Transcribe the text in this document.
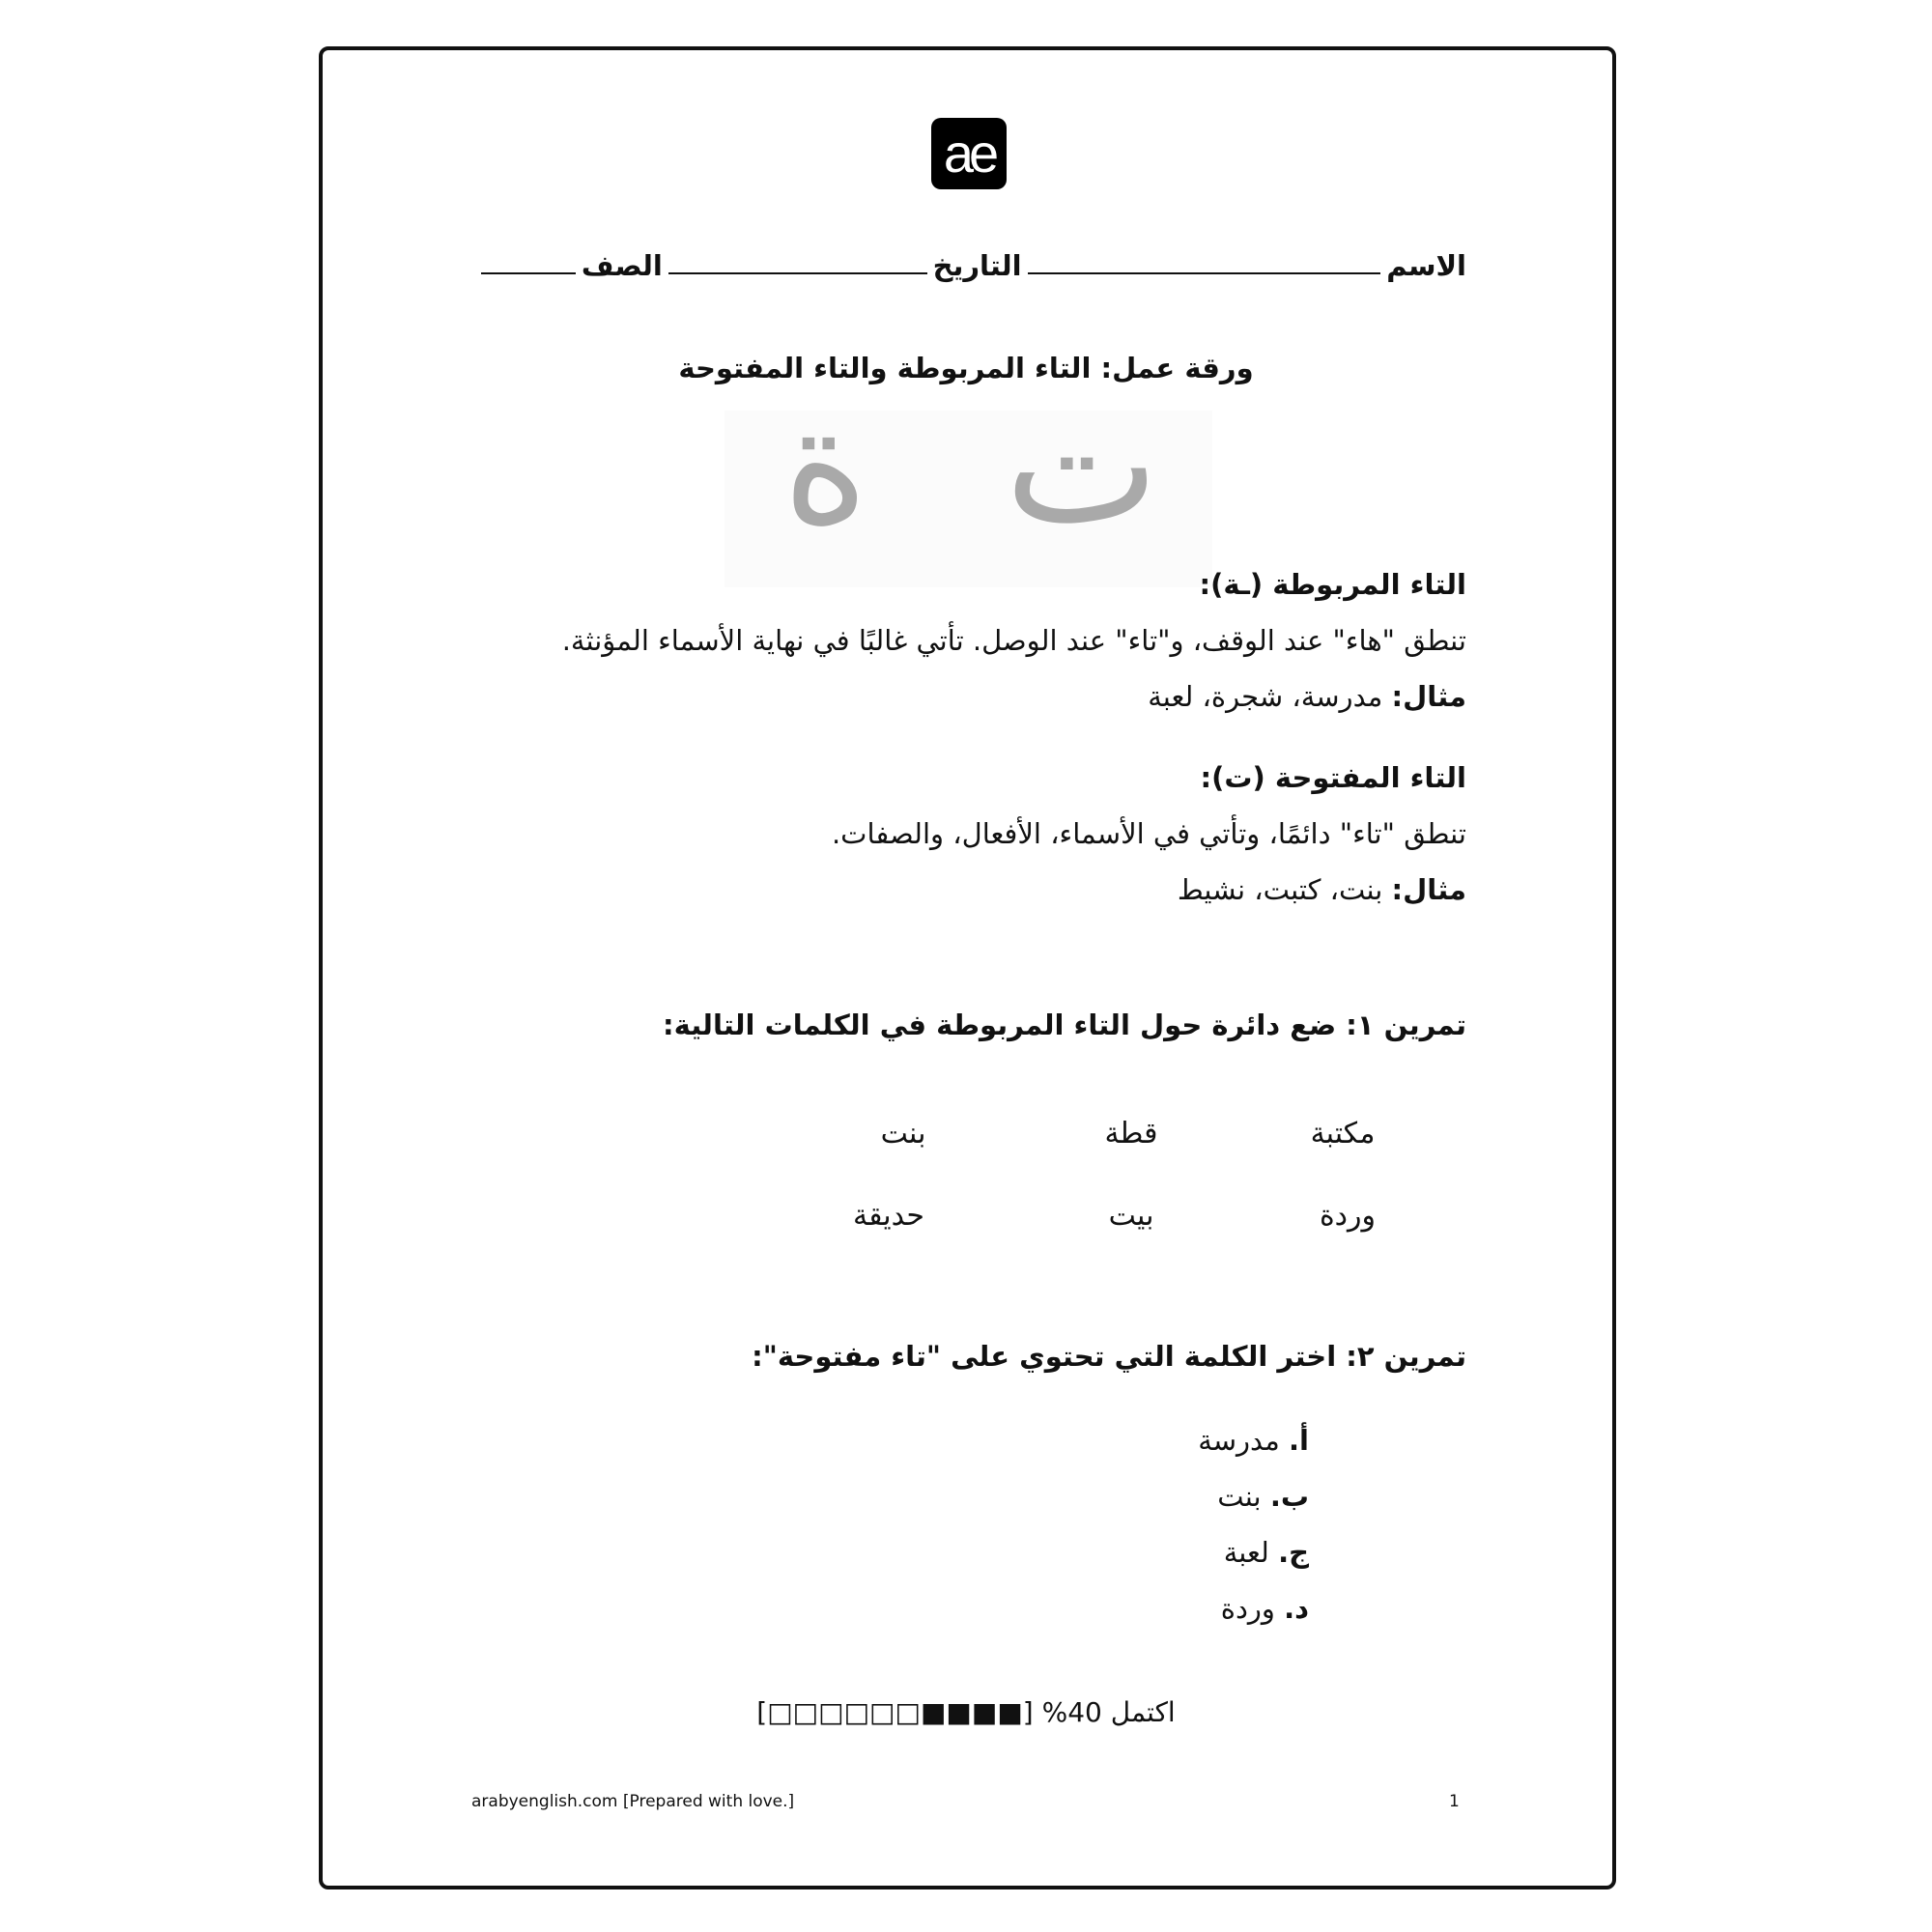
ae
الاسم
التاريخ
الصف
ورقة عمل: التاء المربوطة والتاء المفتوحة
ت
ة
التاء المربوطة (ـة):
تنطق "هاء" عند الوقف، و"تاء" عند الوصل. تأتي غالبًا في نهاية الأسماء المؤنثة.
مثال: مدرسة، شجرة، لعبة
التاء المفتوحة (ت):
تنطق "تاء" دائمًا، وتأتي في الأسماء، الأفعال، والصفات.
مثال: بنت، كتبت، نشيط
تمرين ١: ضع دائرة حول التاء المربوطة في الكلمات التالية:
مكتبة
قطة
بنت
وردة
بيت
حديقة
تمرين ٢: اختر الكلمة التي تحتوي على "تاء مفتوحة":
أ. مدرسة
ب. بنت
ج. لعبة
د. وردة
اكتمل 40% [■■■■□□□□□□]
arabyenglish.com [Prepared with love.]	1
